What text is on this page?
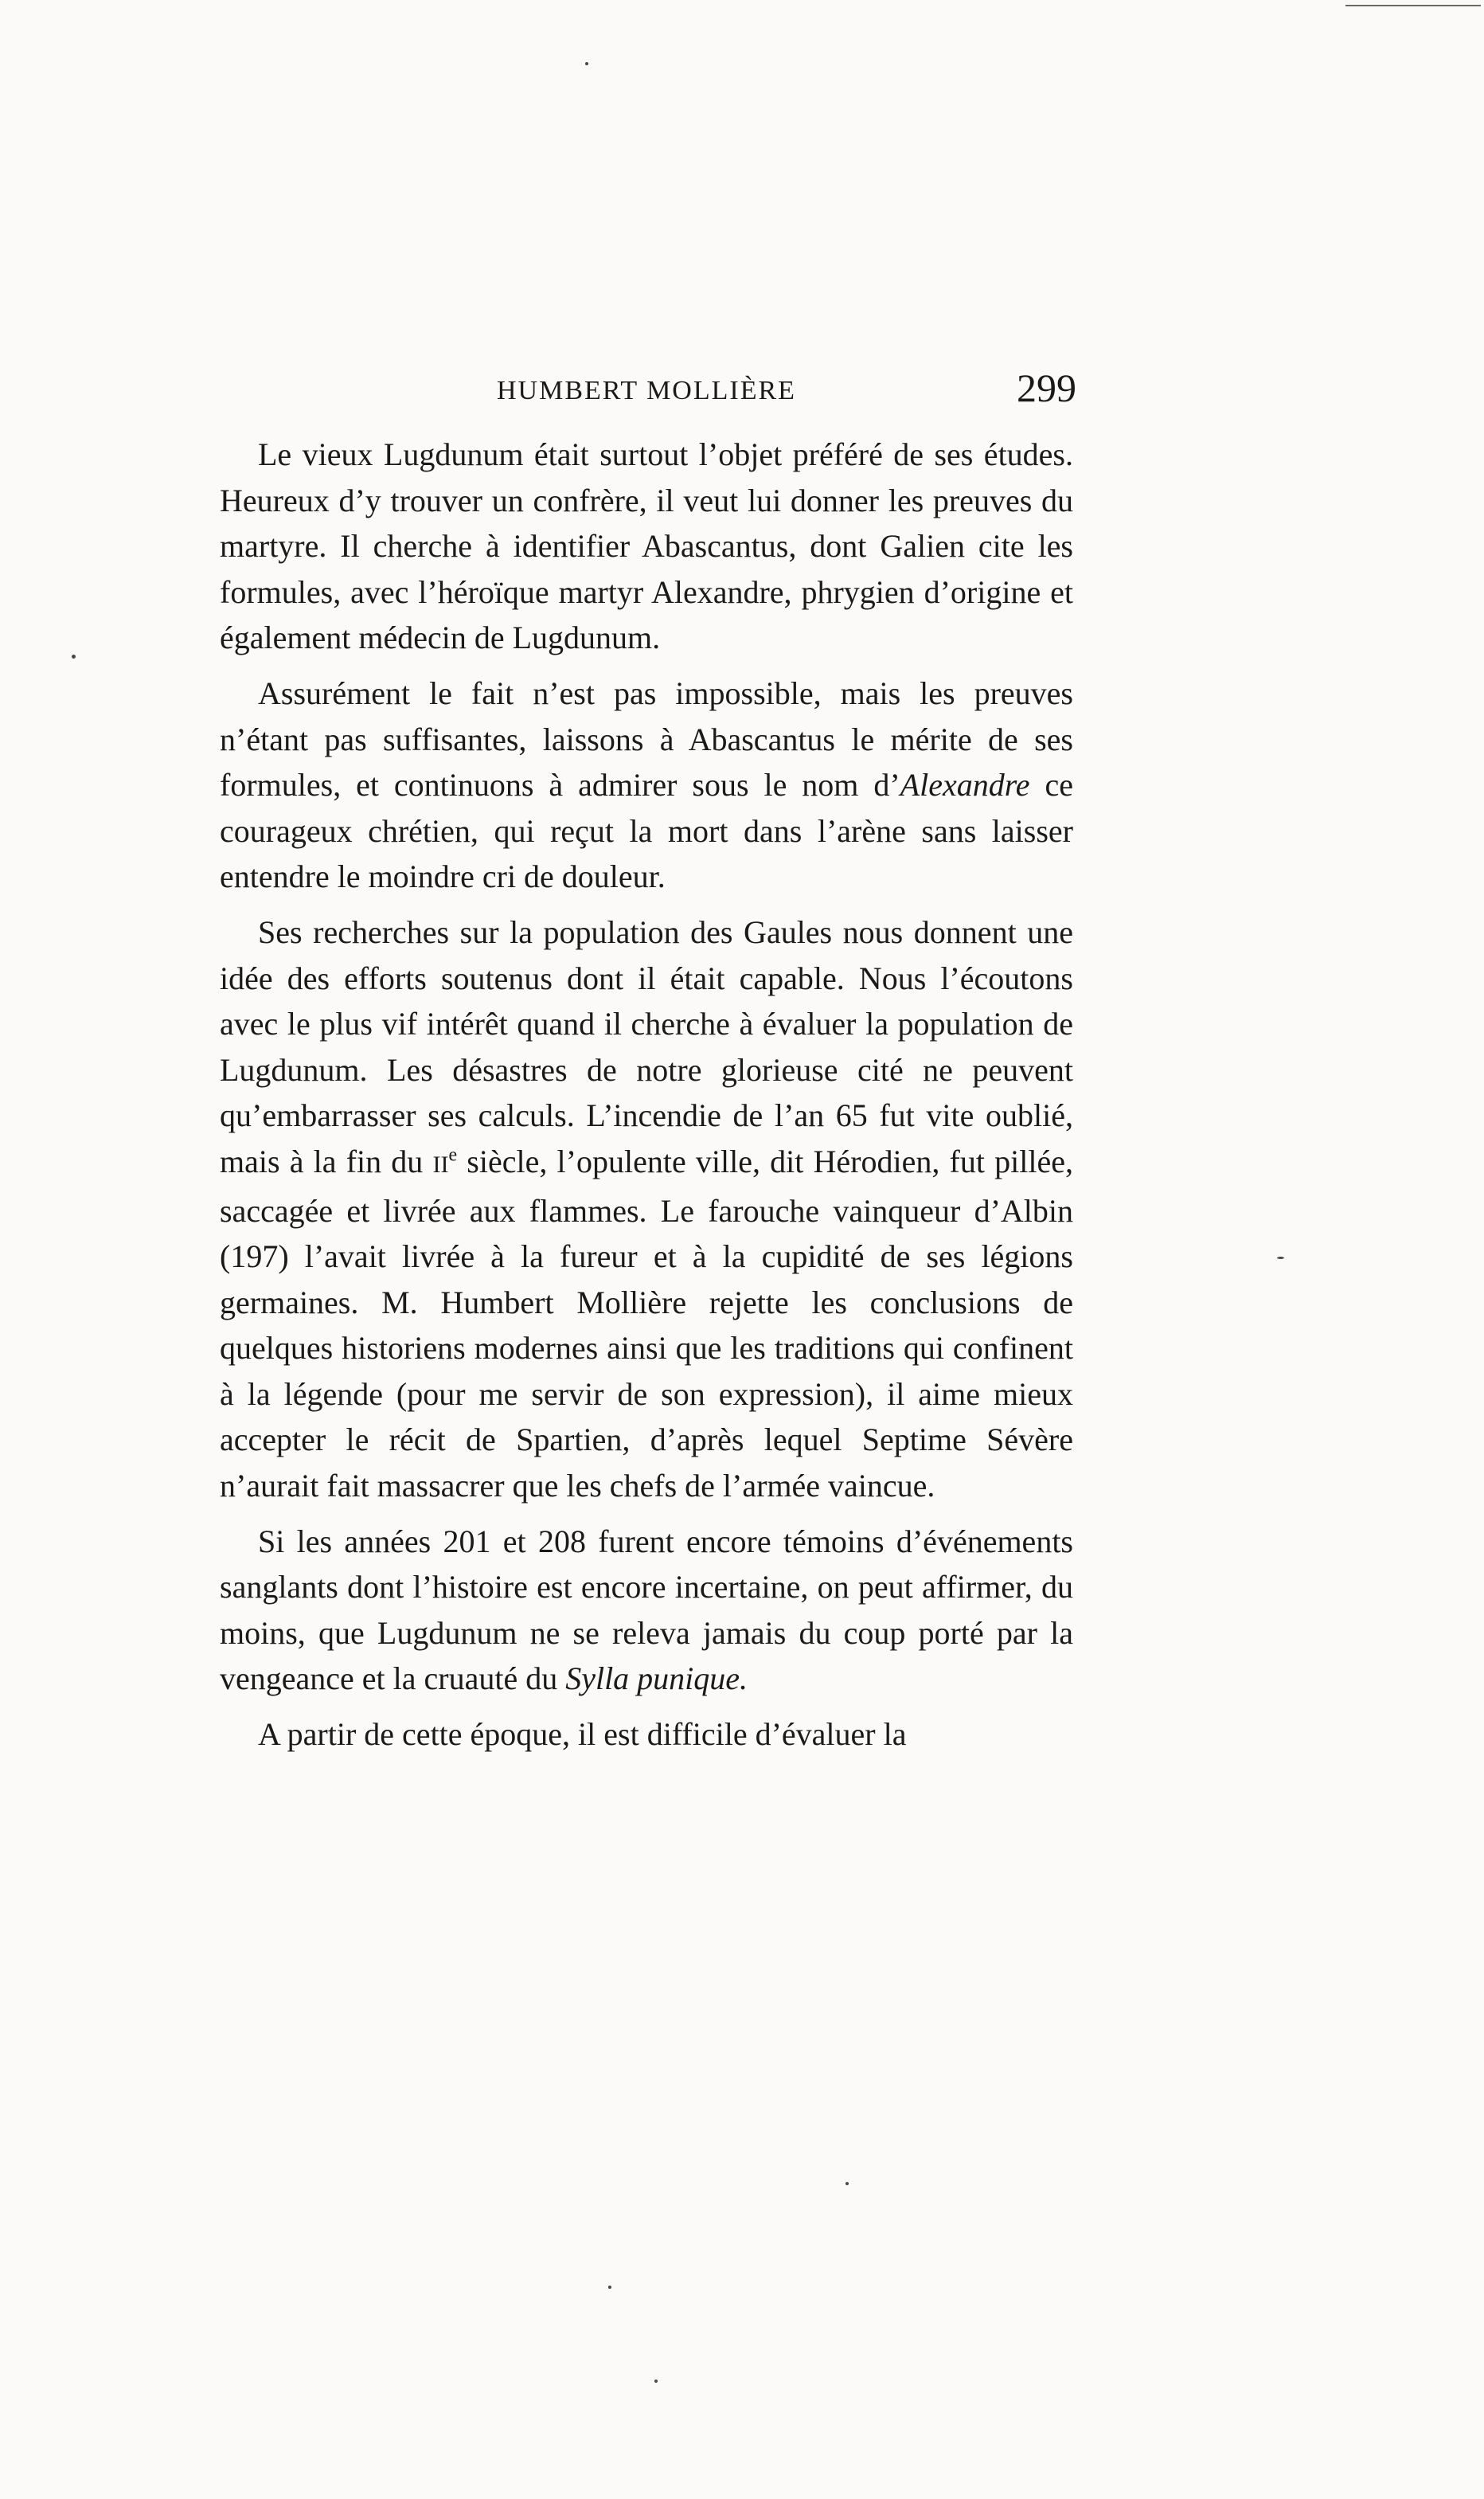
HUMBERT MOLLIÈRE	299

Le vieux Lugdunum était surtout l’objet préféré de ses études. Heureux d’y trouver un confrère, il veut lui donner les preuves du martyre. Il cherche à identifier Abascantus, dont Galien cite les formules, avec l’héroïque martyr Alexandre, phrygien d’origine et également médecin de Lugdunum.

Assurément le fait n’est pas impossible, mais les preuves n’étant pas suffisantes, laissons à Abascantus le mérite de ses formules, et continuons à admirer sous le nom d’Alexandre ce courageux chrétien, qui reçut la mort dans l’arène sans laisser entendre le moindre cri de douleur.

Ses recherches sur la population des Gaules nous donnent une idée des efforts soutenus dont il était capable. Nous l’écoutons avec le plus vif intérêt quand il cherche à évaluer la population de Lugdunum. Les désastres de notre glorieuse cité ne peuvent qu’embarrasser ses calculs. L’incendie de l’an 65 fut vite oublié, mais à la fin du IIe siècle, l’opulente ville, dit Hérodien, fut pillée, saccagée et livrée aux flammes. Le farouche vainqueur d’Albin (197) l’avait livrée à la fureur et à la cupidité de ses légions germaines. M. Humbert Mollière rejette les conclusions de quelques historiens modernes ainsi que les traditions qui confinent à la légende (pour me servir de son expression), il aime mieux accepter le récit de Spartien, d’après lequel Septime Sévère n’aurait fait massacrer que les chefs de l’armée vaincue.

Si les années 201 et 208 furent encore témoins d’événements sanglants dont l’histoire est encore incertaine, on peut affirmer, du moins, que Lugdunum ne se releva jamais du coup porté par la vengeance et la cruauté du Sylla punique.

A partir de cette époque, il est difficile d’évaluer la
